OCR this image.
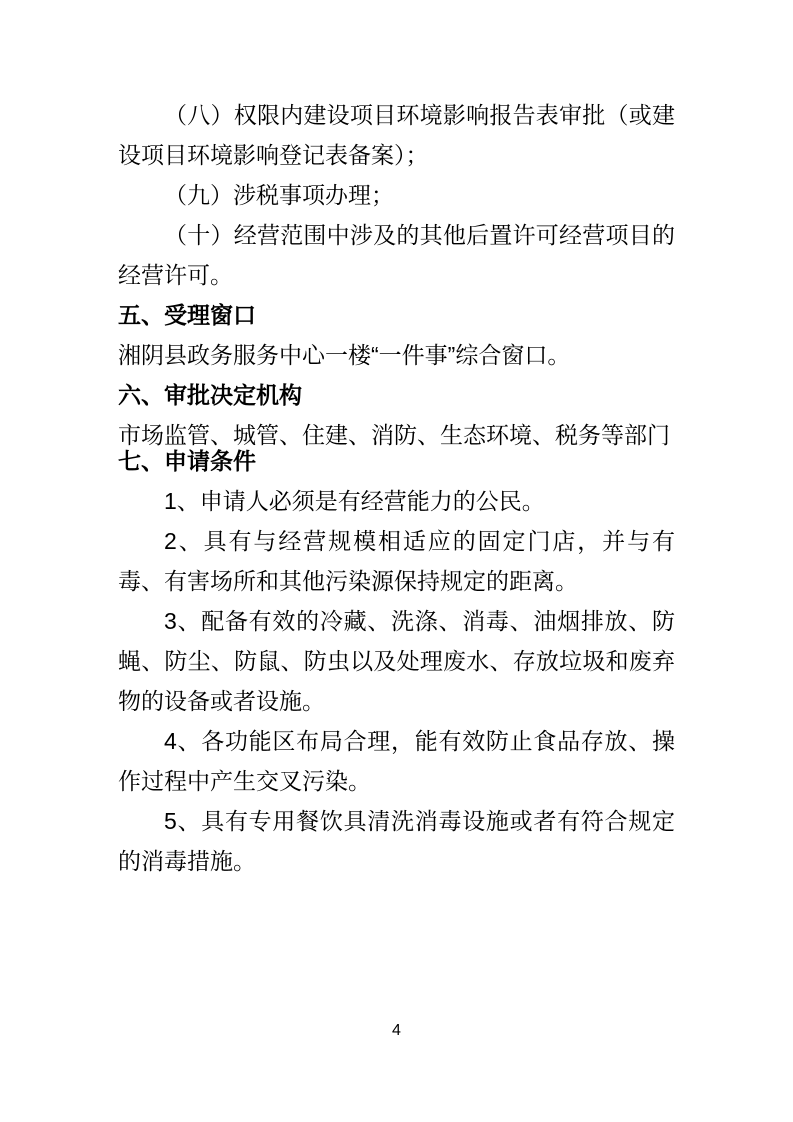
（八）权限内建设项目环境影响报告表审批（或建设项目环境影响登记表备案）；

（九）涉税事项办理；

（十）经营范围中涉及的其他后置许可经营项目的经营许可。

五、受理窗口

湘阴县政务服务中心一楼“一件事”综合窗口。

六、审批决定机构

市场监管、城管、住建、消防、生态环境、税务等部门

七、申请条件

1、申请人必须是有经营能力的公民。

2、具有与经营规模相适应的固定门店，并与有毒、有害场所和其他污染源保持规定的距离。

3、配备有效的冷藏、洗涤、消毒、油烟排放、防蝇、防尘、防鼠、防虫以及处理废水、存放垃圾和废弃物的设备或者设施。

4、各功能区布局合理，能有效防止食品存放、操作过程中产生交叉污染。

5、具有专用餐饮具清洗消毒设施或者有符合规定的消毒措施。

4
